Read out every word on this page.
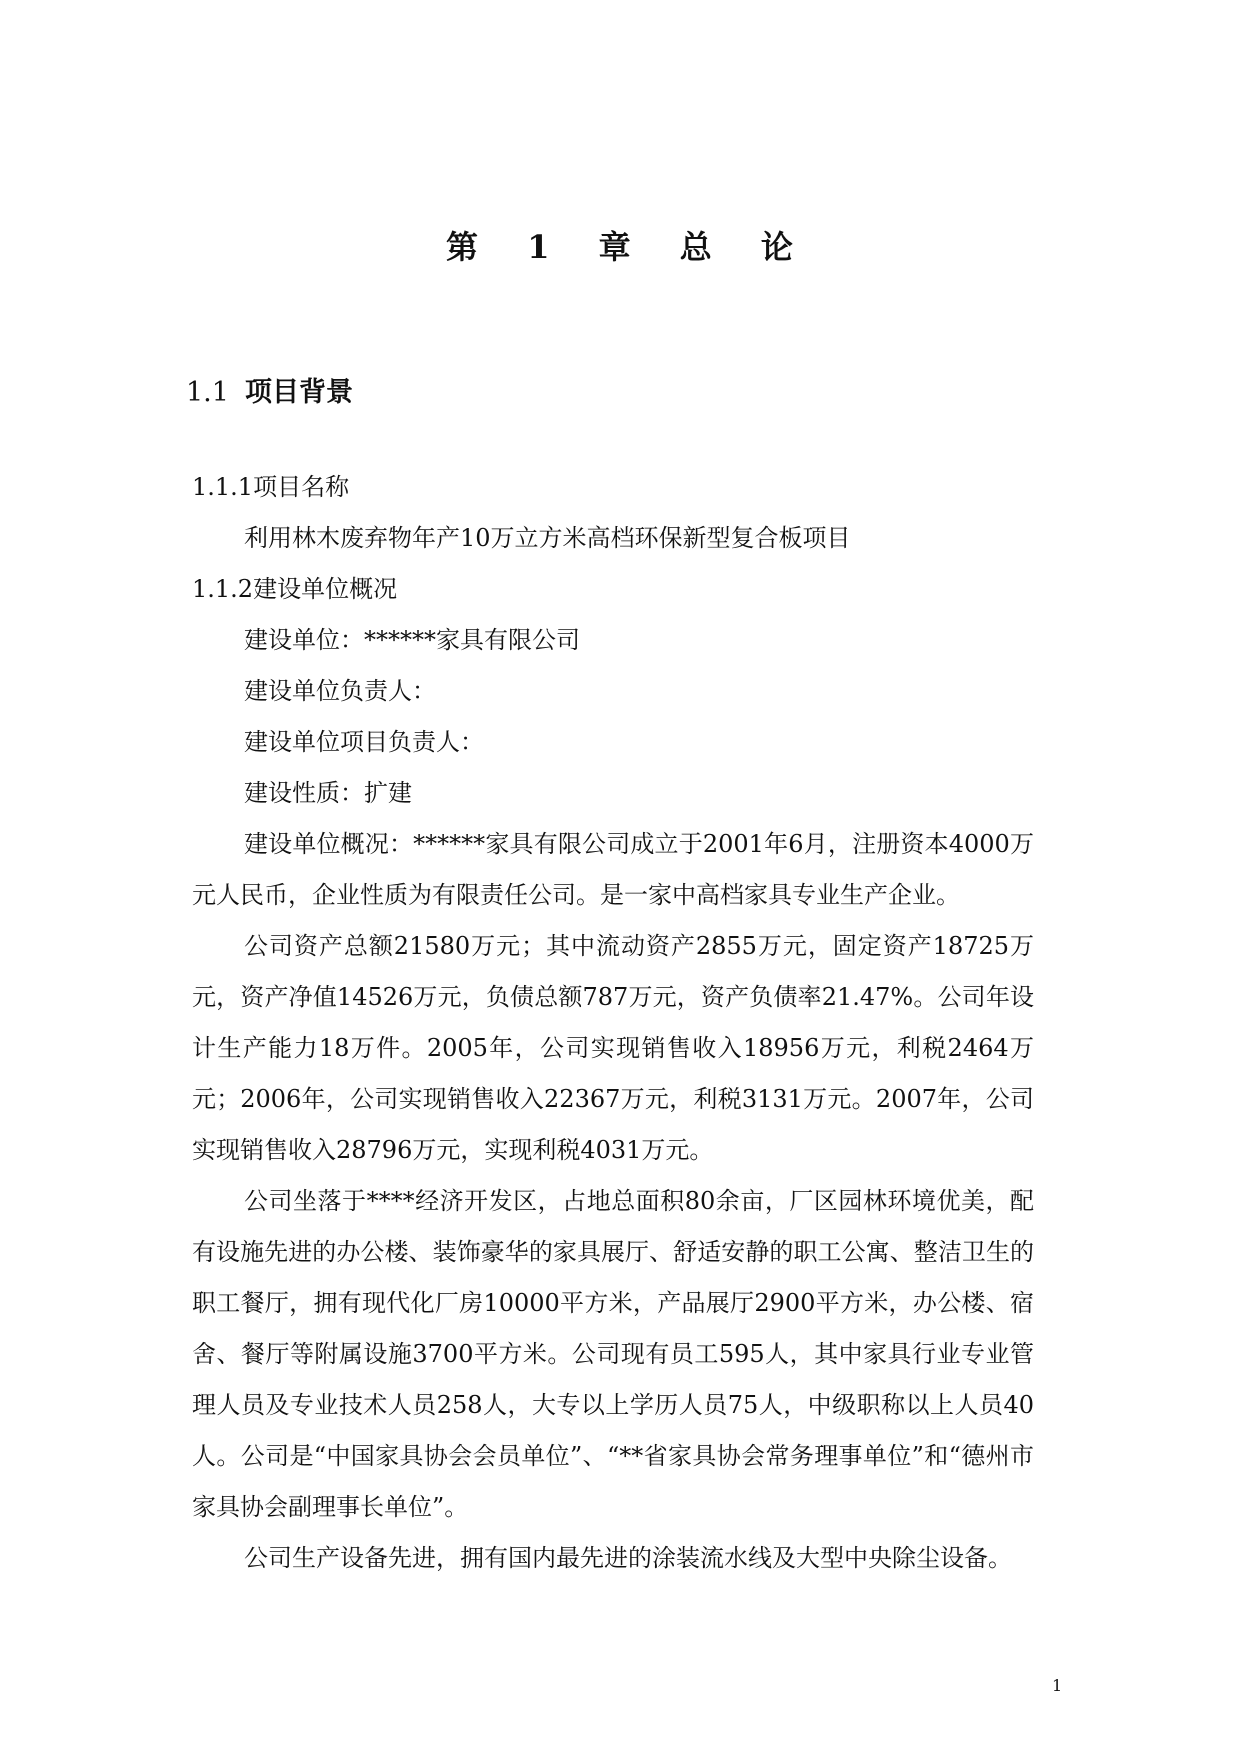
第 1 章 总 论
1.1 项目背景
1.1.1项目名称
利用林木废弃物年产10万立方米高档环保新型复合板项目
1.1.2建设单位概况
建设单位：******家具有限公司
建设单位负责人：
建设单位项目负责人：
建设性质：扩建

建设单位概况：******家具有限公司成立于2001年6月，注册资本4000万元人民币，企业性质为有限责任公司。是一家中高档家具专业生产企业。

公司资产总额21580万元；其中流动资产2855万元，固定资产18725万元，资产净值14526万元，负债总额787万元，资产负债率21.47%。公司年设计生产能力18万件。2005年，公司实现销售收入18956万元，利税2464万元；2006年，公司实现销售收入22367万元，利税3131万元。2007年，公司实现销售收入28796万元，实现利税4031万元。

公司坐落于****经济开发区，占地总面积80余亩，厂区园林环境优美，配有设施先进的办公楼、装饰豪华的家具展厅、舒适安静的职工公寓、整洁卫生的职工餐厅，拥有现代化厂房10000平方米，产品展厅2900平方米，办公楼、宿舍、餐厅等附属设施3700平方米。公司现有员工595人，其中家具行业专业管理人员及专业技术人员258人，大专以上学历人员75人，中级职称以上人员40人。公司是“中国家具协会会员单位”、“**省家具协会常务理事单位”和“德州市家具协会副理事长单位”。

公司生产设备先进，拥有国内最先进的涂装流水线及大型中央除尘设备。

1
